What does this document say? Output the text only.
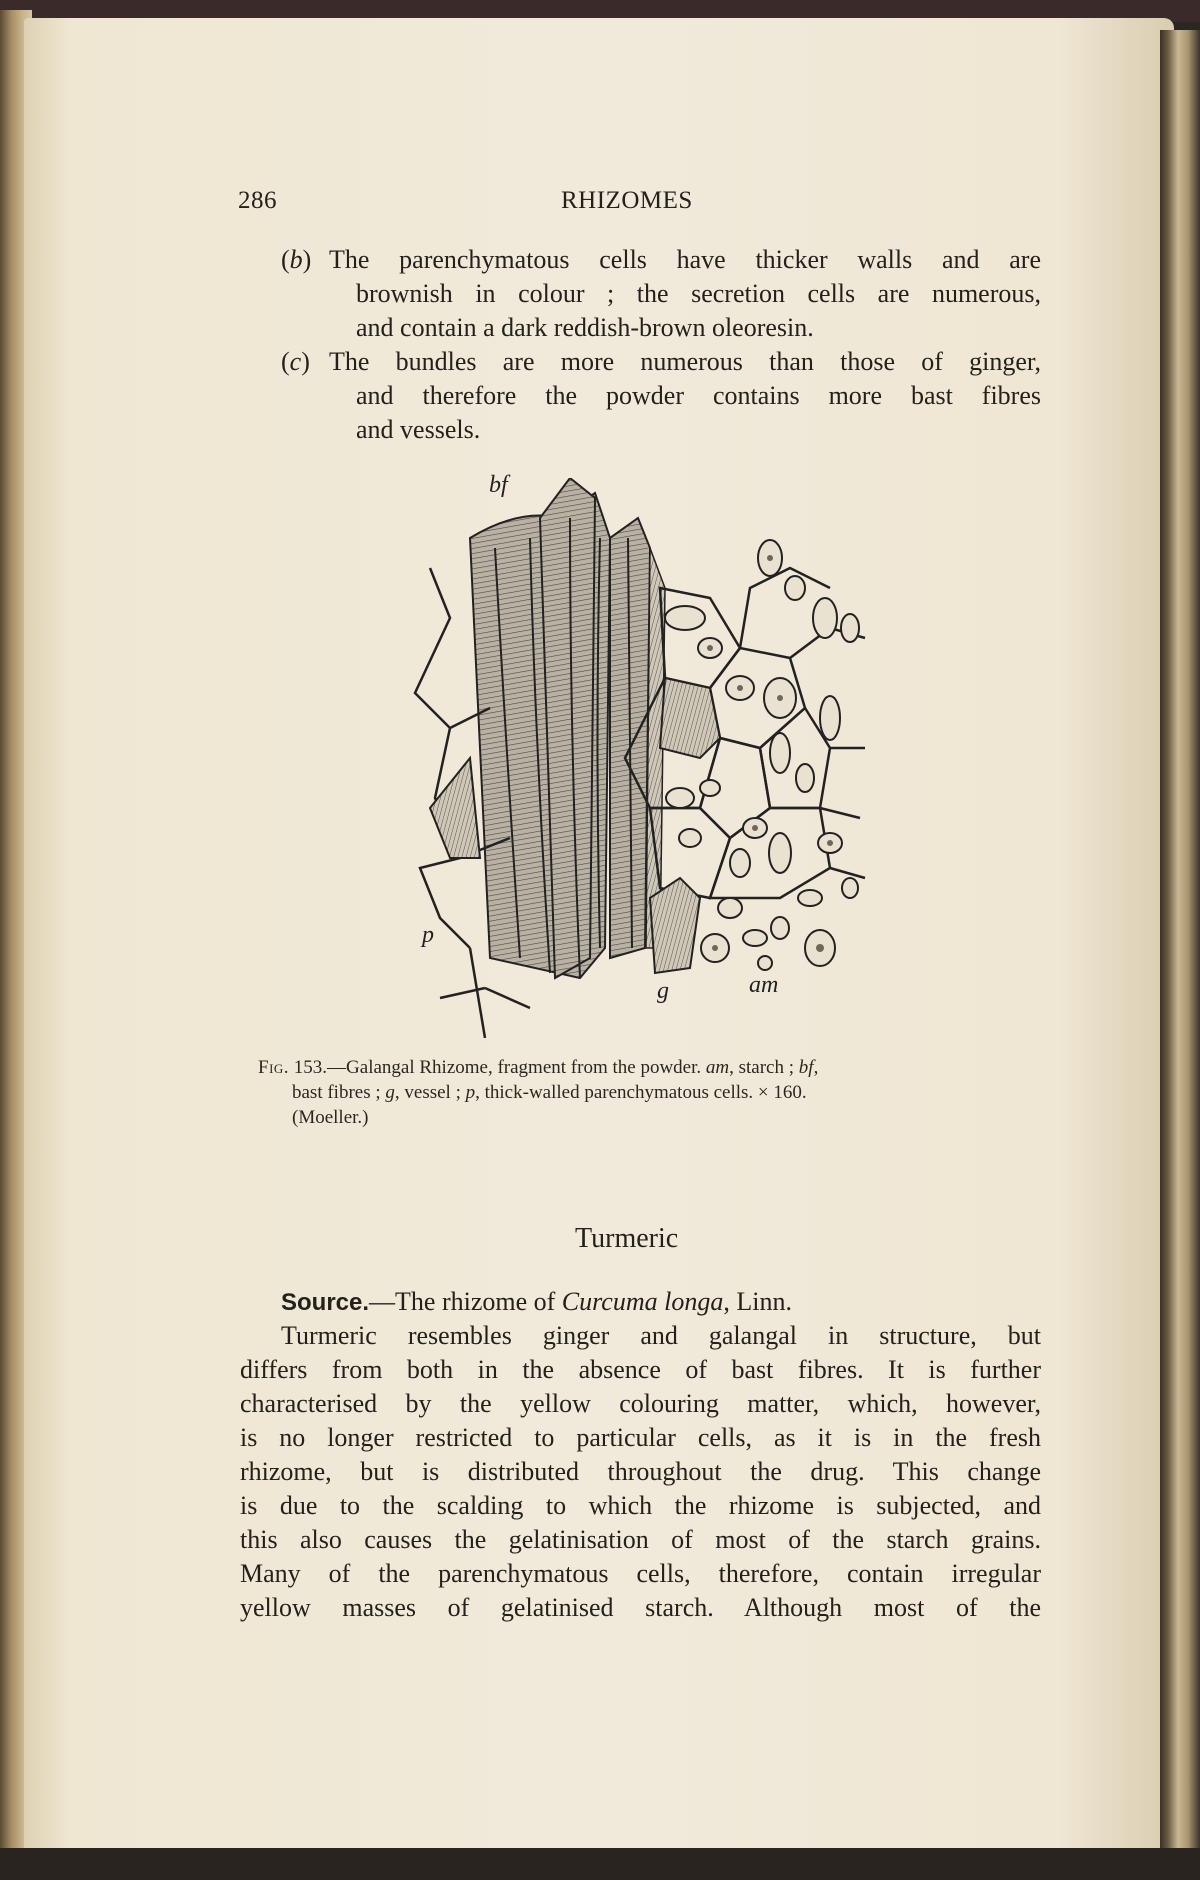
286	RHIZOMES
(b) The parenchymatous cells have thicker walls and are
brownish in colour ; the secretion cells are numerous,
and contain a dark reddish-brown oleoresin.
(c) The bundles are more numerous than those of ginger,
and therefore the powder contains more bast fibres
and vessels.
bf
p
g	am
Fig. 153.—Galangal Rhizome, fragment from the powder. am, starch ; bf,
bast fibres ; g, vessel ; p, thick-walled parenchymatous cells. × 160.
(Moeller.)
Turmeric
Source.—The rhizome of Curcuma longa, Linn.
Turmeric resembles ginger and galangal in structure, but
differs from both in the absence of bast fibres. It is further
characterised by the yellow colouring matter, which, however,
is no longer restricted to particular cells, as it is in the fresh
rhizome, but is distributed throughout the drug. This change
is due to the scalding to which the rhizome is subjected, and
this also causes the gelatinisation of most of the starch grains.
Many of the parenchymatous cells, therefore, contain irregular
yellow masses of gelatinised starch. Although most of the
